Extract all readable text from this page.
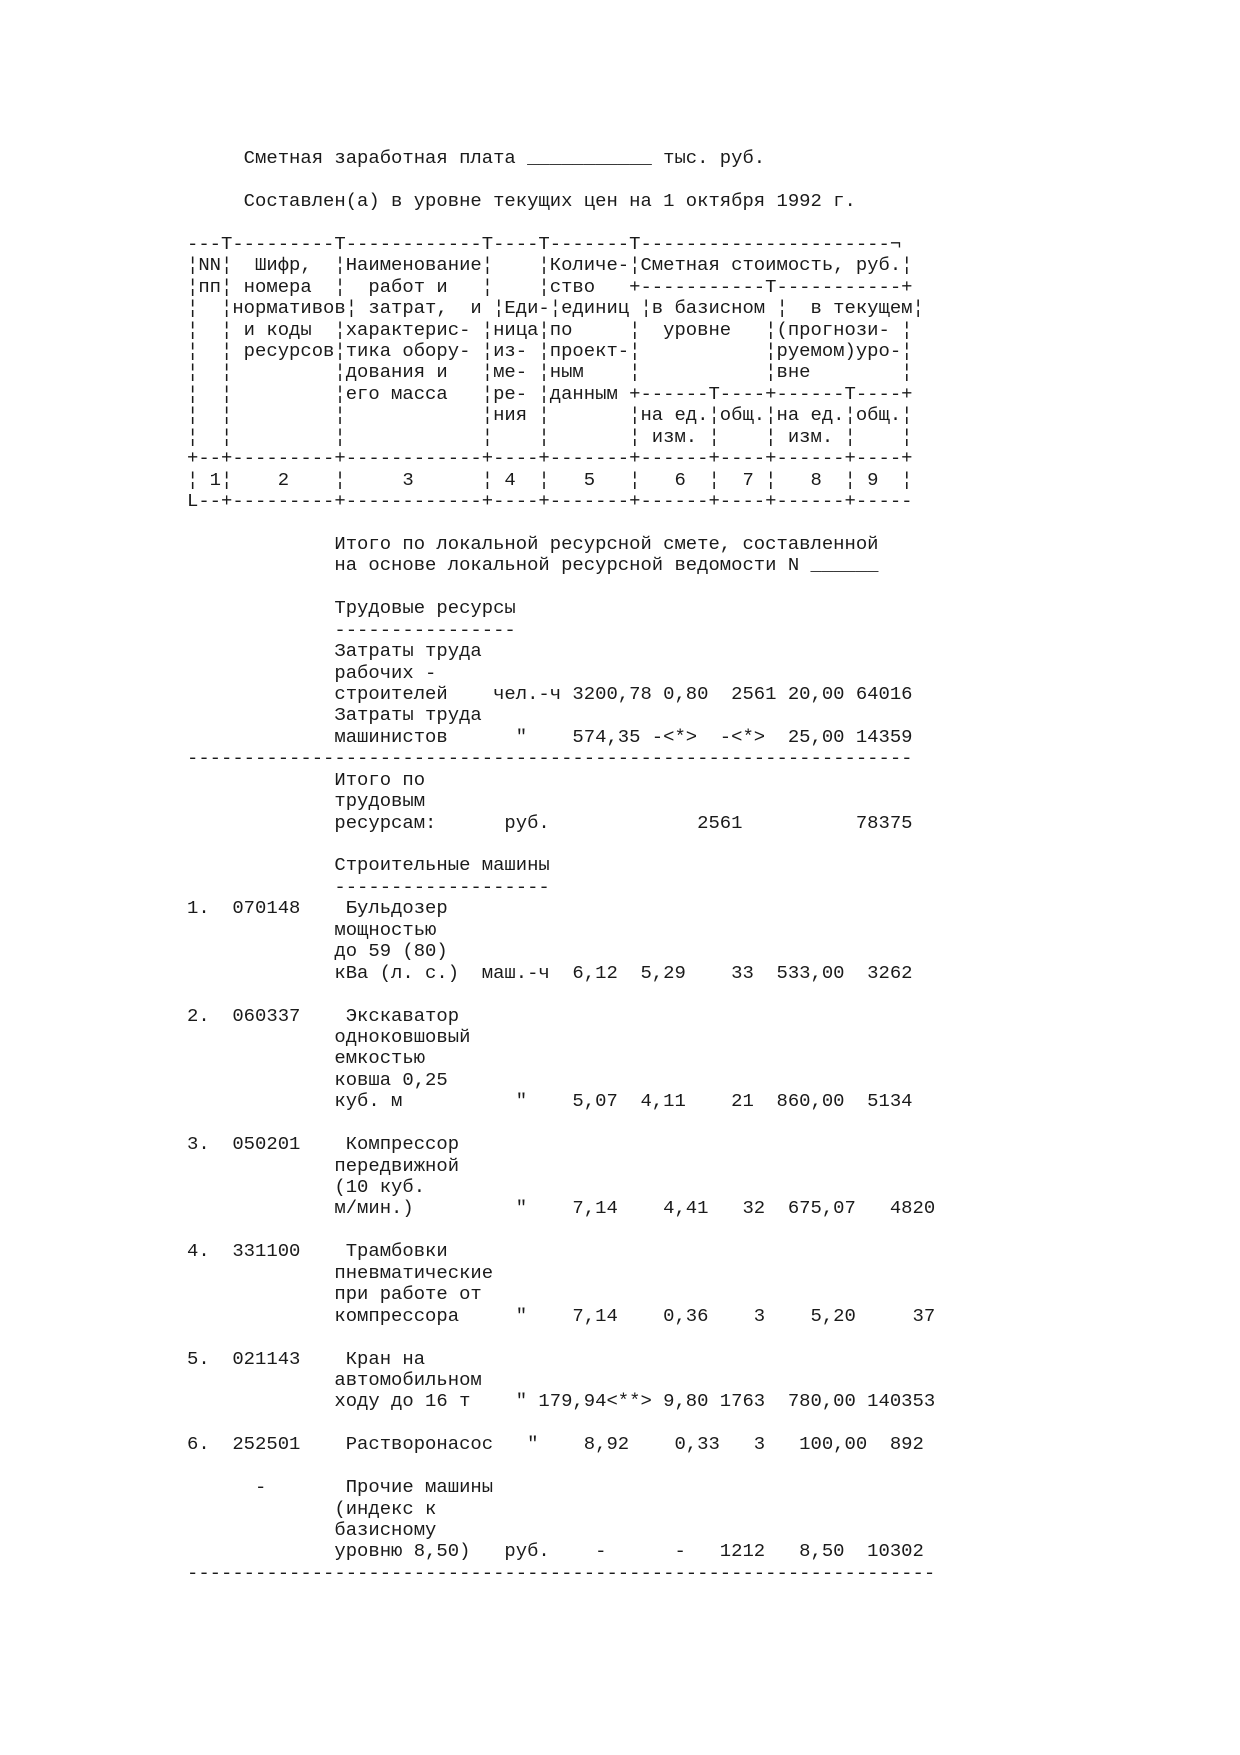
Сметная заработная плата ___________ тыс. руб.
Составлен(а) в уровне текущих цен на 1 октября 1992 г.
---T---------T------------T----T-------T----------------------¬
¦NN¦  Шифр,  ¦Наименование¦    ¦Количе-¦Сметная стоимость, руб.¦
¦пп¦ номера  ¦  работ и   ¦    ¦ство   +-----------T-----------+
¦  ¦нормативов¦ затрат,  и ¦Еди-¦единиц ¦в базисном ¦  в текущем¦
¦  ¦ и коды  ¦характерис- ¦ница¦по     ¦  уровне   ¦(прогнози- ¦
¦  ¦ ресурсов¦тика обору- ¦из- ¦проект-¦           ¦руемом)уро-¦
¦  ¦         ¦дования и   ¦ме- ¦ным    ¦           ¦вне        ¦
¦  ¦         ¦его масса   ¦ре- ¦данным +------T----+------T----+
¦  ¦         ¦            ¦ния ¦       ¦на ед.¦общ.¦на ед.¦общ.¦
¦  ¦         ¦            ¦    ¦       ¦ изм. ¦    ¦ изм. ¦    ¦
+--+---------+------------+----+-------+------+----+------+----+
¦ 1¦    2    ¦     3      ¦ 4  ¦   5   ¦   6  ¦  7 ¦   8  ¦ 9  ¦
L--+---------+------------+----+-------+------+----+------+-----
Итого по локальной ресурсной смете, составленной
на основе локальной ресурсной ведомости N ______
Трудовые ресурсы
----------------
Затраты труда
рабочих -
строителей    чел.-ч 3200,78 0,80  2561 20,00 64016
Затраты труда
машинистов      "    574,35 -<*>  -<*>  25,00 14359
----------------------------------------------------------------
Итого по
трудовым
ресурсам:      руб.             2561          78375
Строительные машины
-------------------
1.  070148    Бульдозер
мощностью
до 59 (80)
кВа (л. с.)  маш.-ч  6,12  5,29    33  533,00  3262
2.  060337    Экскаватор
одноковшовый
емкостью
ковша 0,25
куб. м          "    5,07  4,11    21  860,00  5134
3.  050201    Компрессор
передвижной
(10 куб.
м/мин.)         "    7,14    4,41   32  675,07   4820
4.  331100    Трамбовки
пневматические
при работе от
компрессора     "    7,14    0,36    3    5,20     37
5.  021143    Кран на
автомобильном
ходу до 16 т    " 179,94<**> 9,80 1763  780,00 140353
6.  252501    Растворонасос   "    8,92    0,33   3   100,00  892
-       Прочие машины
(индекс к
базисному
уровню 8,50)   руб.    -      -   1212   8,50  10302
------------------------------------------------------------------
